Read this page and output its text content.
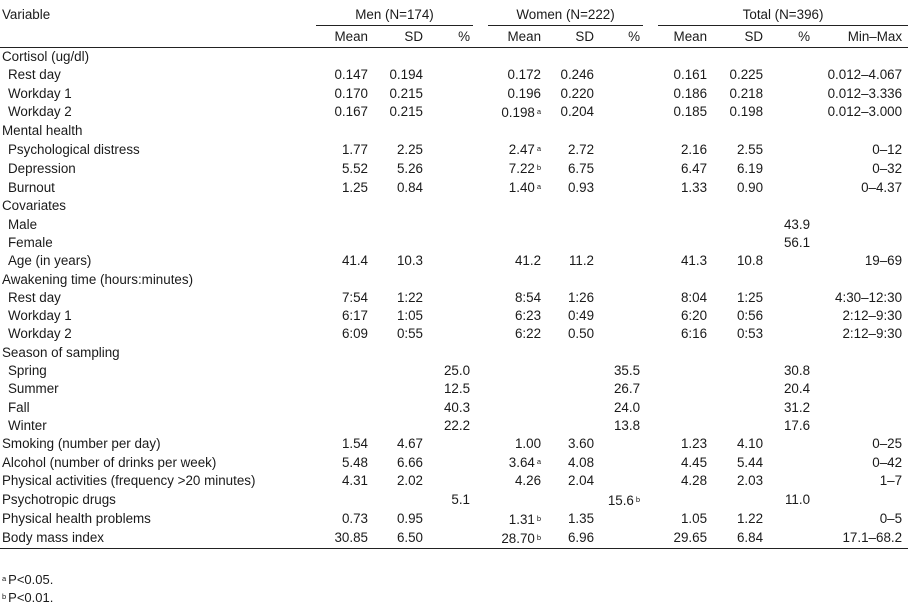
Variable	Men (N=174)				Women (N=222)				Total (N=396)			
	Mean	SD	%		Mean	SD	%		Mean	SD	%	Min–Max
Cortisol (ug/dl)												
Rest day	0.147	0.194			0.172	0.246			0.161	0.225		0.012–4.067
Workday 1	0.170	0.215			0.196	0.220			0.186	0.218		0.012–3.336
Workday 2	0.167	0.215			0.198 $^a$	0.204			0.185	0.198		0.012–3.000
Mental health												
Psychological distress	1.77	2.25			2.47 $^a$	2.72			2.16	2.55		0–12
Depression	5.52	5.26			7.22 $^b$	6.75			6.47	6.19		0–32
Burnout	1.25	0.84			1.40 $^a$	0.93			1.33	0.90		0–4.37
Covariates												
Male											43.9	
Female											56.1	
Age (in years)	41.4	10.3			41.2	11.2			41.3	10.8		19–69
Awakening time (hours:minutes)												
Rest day	7:54	1:22			8:54	1:26			8:04	1:25		4:30–12:30
Workday 1	6:17	1:05			6:23	0:49			6:20	0:56		2:12–9:30
Workday 2	6:09	0:55			6:22	0.50			6:16	0:53		2:12–9:30
Season of sampling												
Spring			25.0				35.5				30.8	
Summer			12.5				26.7				20.4	
Fall			40.3				24.0				31.2	
Winter			22.2				13.8				17.6	
Smoking (number per day)	1.54	4.67			1.00	3.60			1.23	4.10		0–25
Alcohol (number of drinks per week)	5.48	6.66			3.64 $^a$	4.08			4.45	5.44		0–42
Physical activities (frequency >20 minutes)	4.31	2.02			4.26	2.04			4.28	2.03		1–7
Psychotropic drugs			5.1				15.6 $^b$				11.0	
Physical health problems	0.73	0.95			1.31 $^b$	1.35			1.05	1.22		0–5
Body mass index	30.85	6.50			28.70 $^b$	6.96			29.65	6.84		17.1–68.2
$^a$ P<0.05.
$^b$ P<0.01.
